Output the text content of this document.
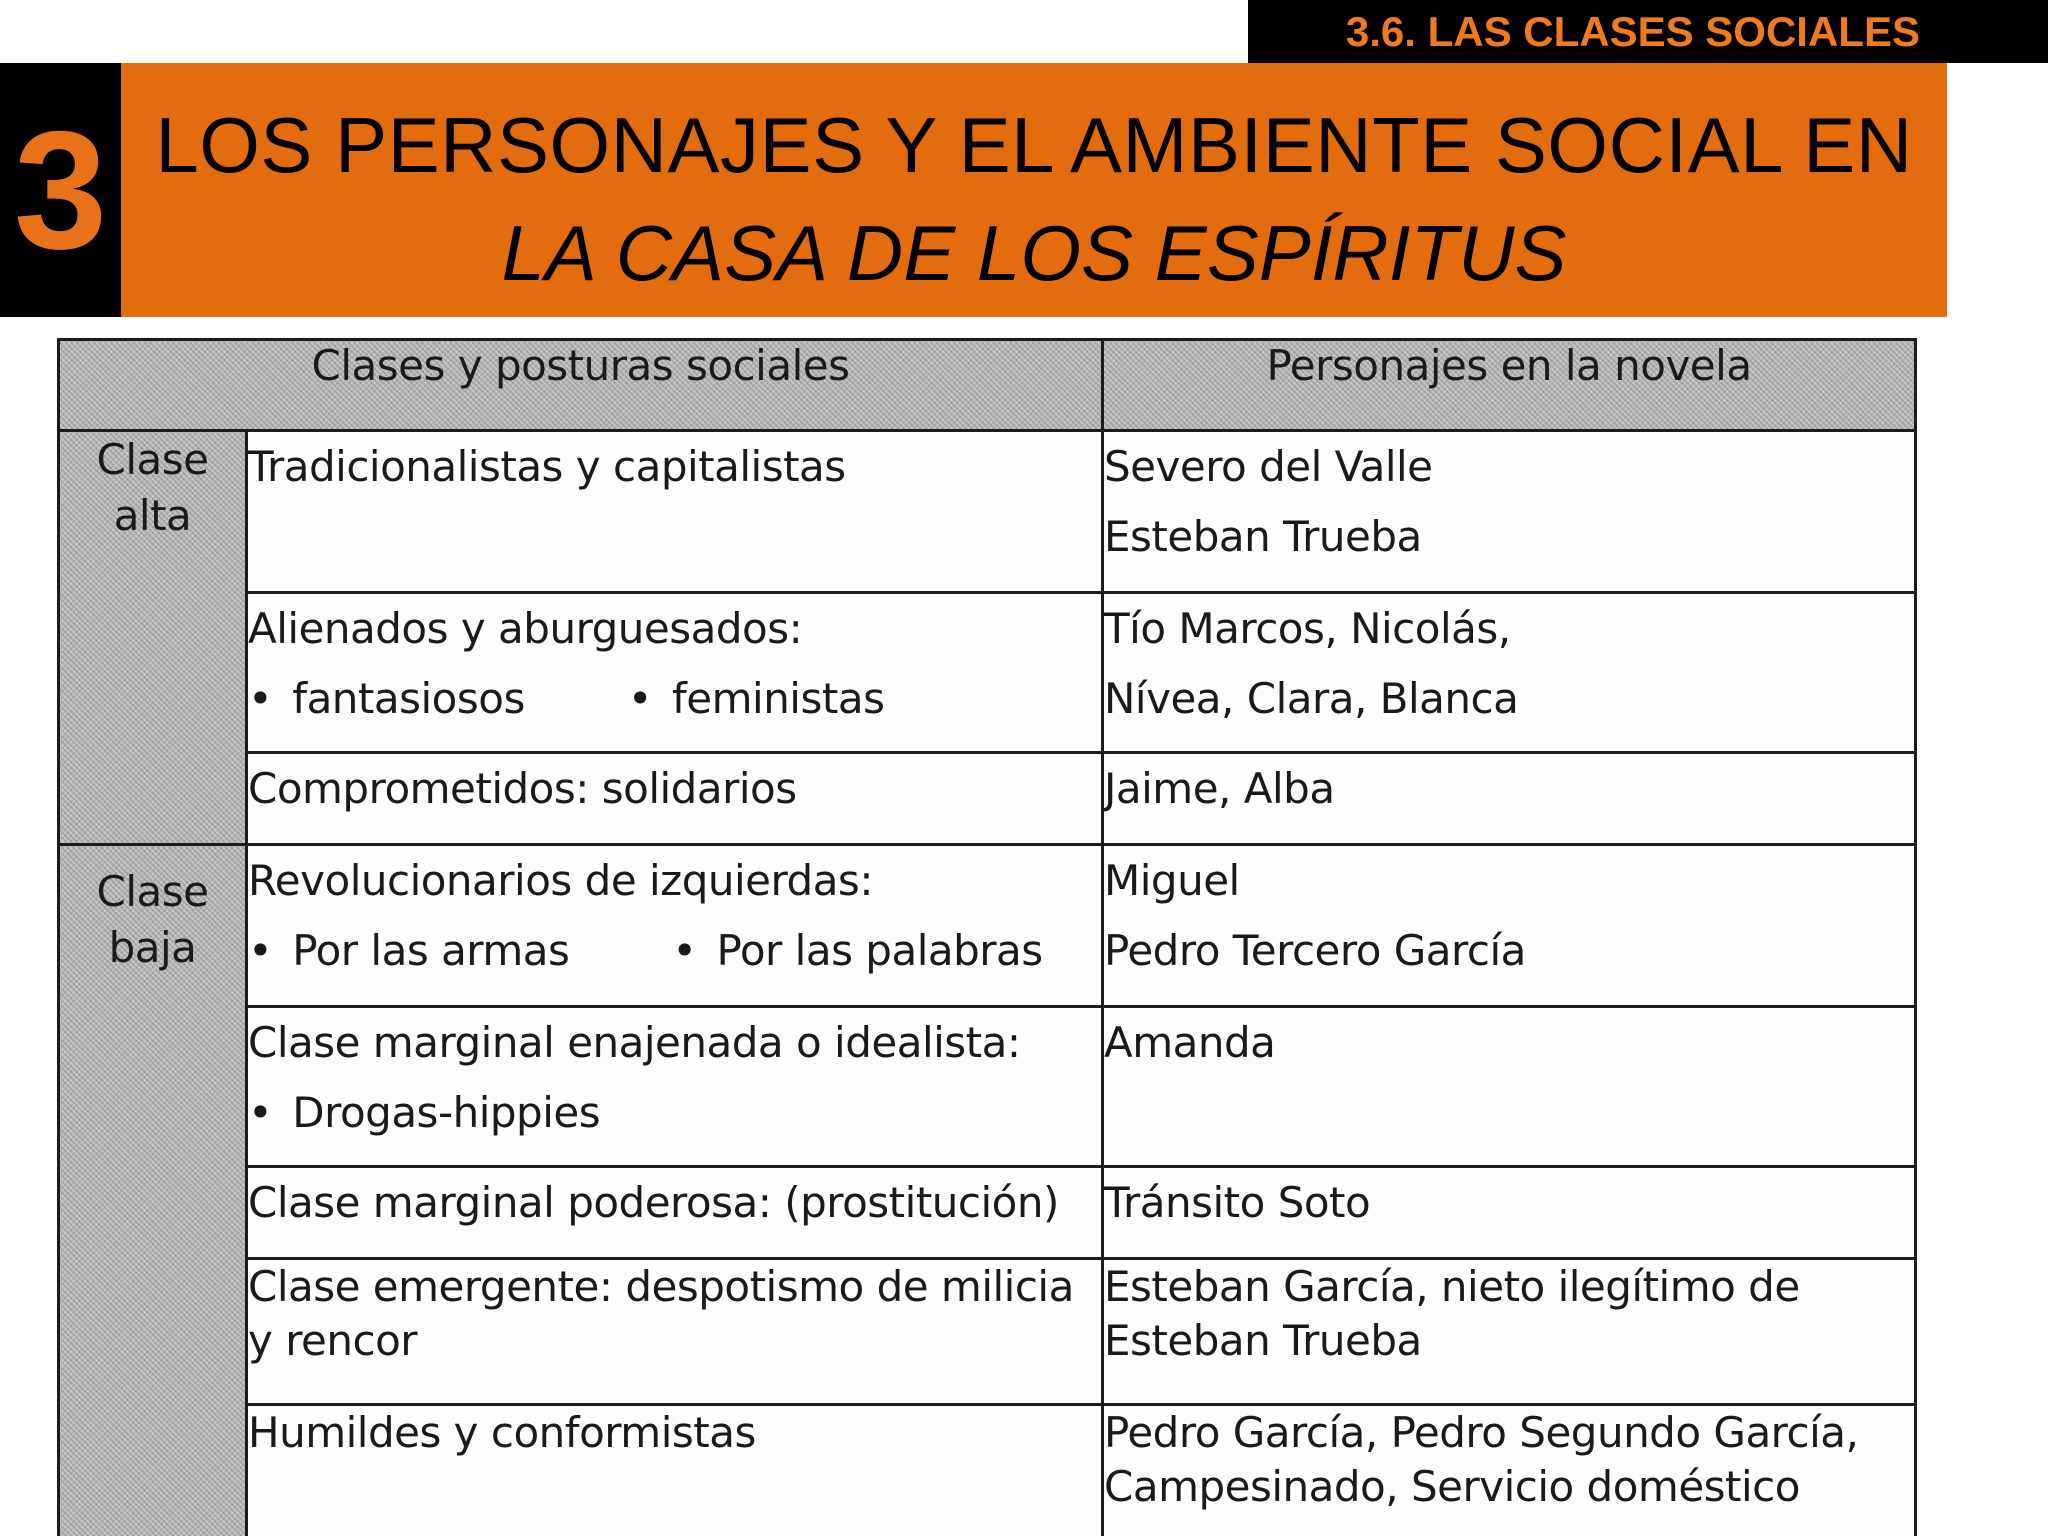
3.6. LAS CLASES SOCIALES
3 LOS PERSONAJES Y EL AMBIENTE SOCIAL EN
LA CASA DE LOS ESPÍRITUS
Clases y posturas sociales		Personajes en la novela
Clase alta	Tradicionalistas y capitalistas	Severo del Valle
Esteban Trueba

	Alienados y aburguesados:
• fantasiosos • feministas	Tío Marcos, Nicolás,
Nívea, Clara, Blanca

	Comprometidos: solidarios	Jaime, Alba

Clase baja	Revolucionarios de izquierdas:
• Por las armas • Por las palabras	Miguel
Pedro Tercero García

	Clase marginal enajenada o idealista:
• Drogas-hippies	Amanda

	Clase marginal poderosa: (prostitución)	Tránsito Soto

	Clase emergente: despotismo de milicia
y rencor	Esteban García, nieto ilegítimo de
Esteban Trueba

	Humildes y conformistas	Pedro García, Pedro Segundo García,
Campesinado, Servicio doméstico
